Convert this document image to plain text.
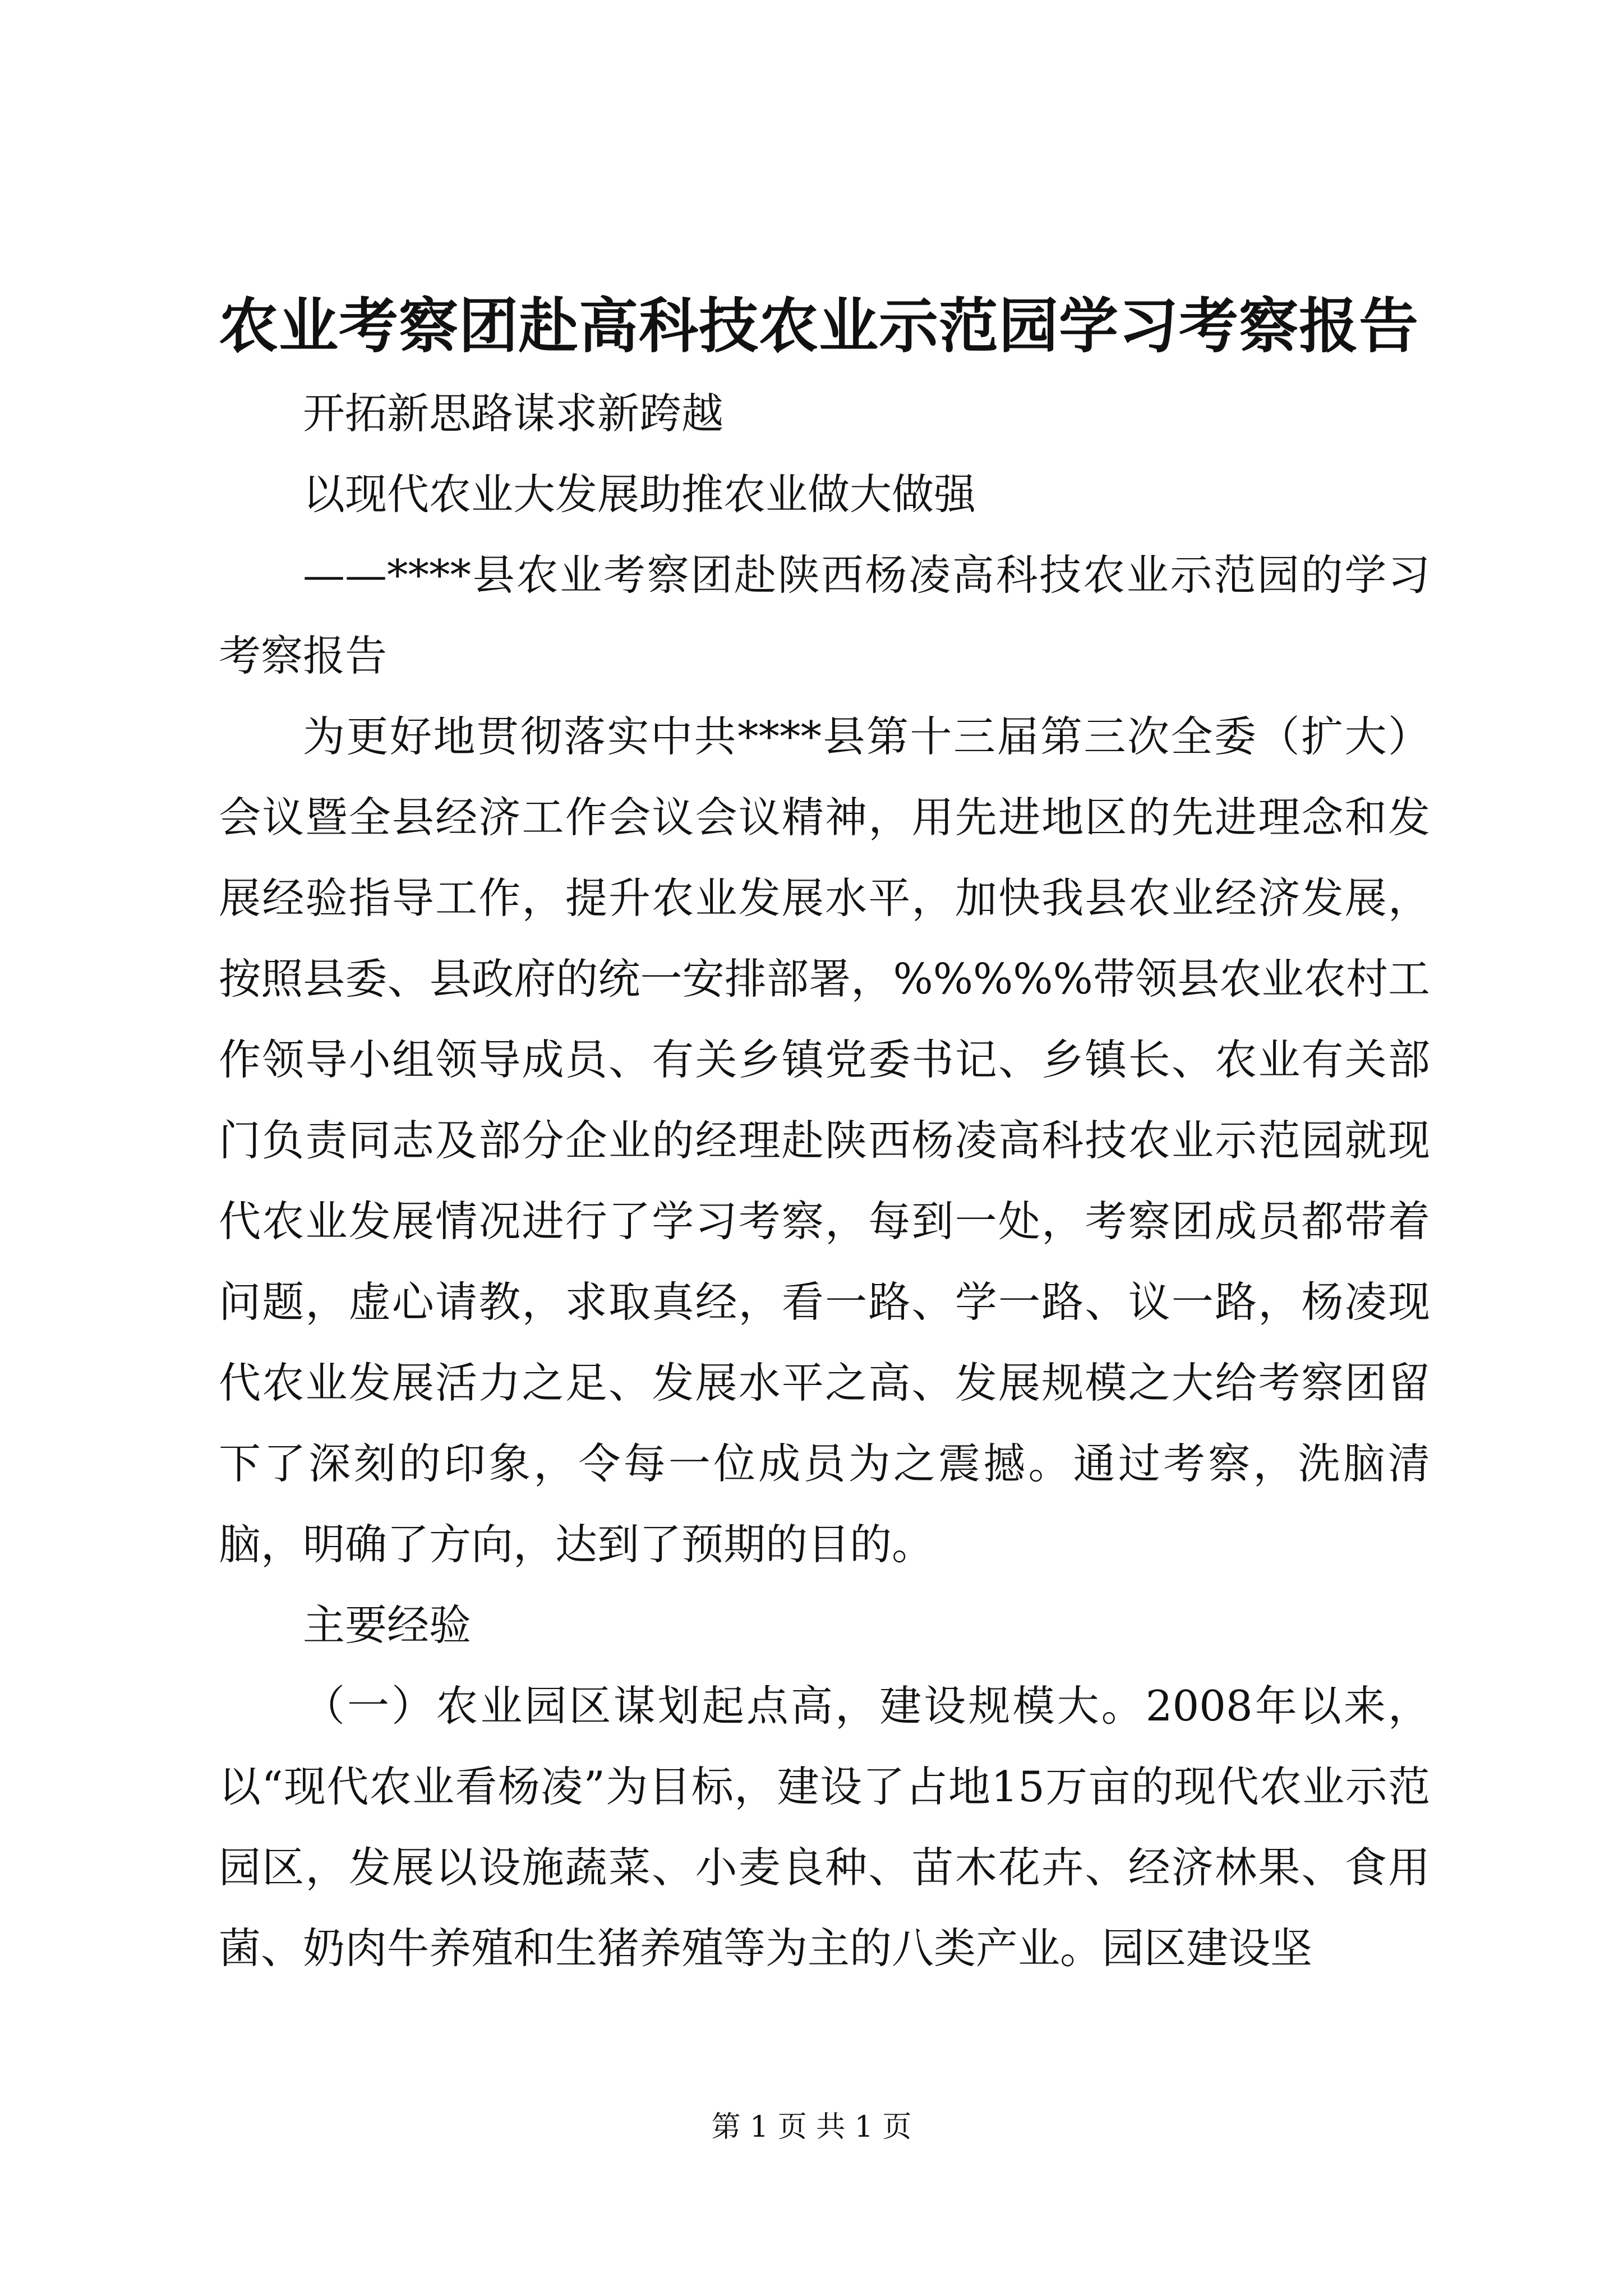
农业考察团赴高科技农业示范园学习考察报告

开拓新思路谋求新跨越

以现代农业大发展助推农业做大做强

——****县农业考察团赴陕西杨凌高科技农业示范园的学习考察报告

为更好地贯彻落实中共****县第十三届第三次全委（扩大）会议暨全县经济工作会议会议精神，用先进地区的先进理念和发展经验指导工作，提升农业发展水平，加快我县农业经济发展，按照县委、县政府的统一安排部署，%%%%%带领县农业农村工作领导小组领导成员、有关乡镇党委书记、乡镇长、农业有关部门负责同志及部分企业的经理赴陕西杨凌高科技农业示范园就现代农业发展情况进行了学习考察，每到一处，考察团成员都带着问题，虚心请教，求取真经，看一路、学一路、议一路，杨凌现代农业发展活力之足、发展水平之高、发展规模之大给考察团留下了深刻的印象，令每一位成员为之震撼。通过考察，洗脑清脑，明确了方向，达到了预期的目的。

主要经验

（一）农业园区谋划起点高，建设规模大。2008年以来，以“现代农业看杨凌”为目标，建设了占地15万亩的现代农业示范园区，发展以设施蔬菜、小麦良种、苗木花卉、经济林果、食用菌、奶肉牛养殖和生猪养殖等为主的八类产业。园区建设坚

第 1 页 共 1 页
